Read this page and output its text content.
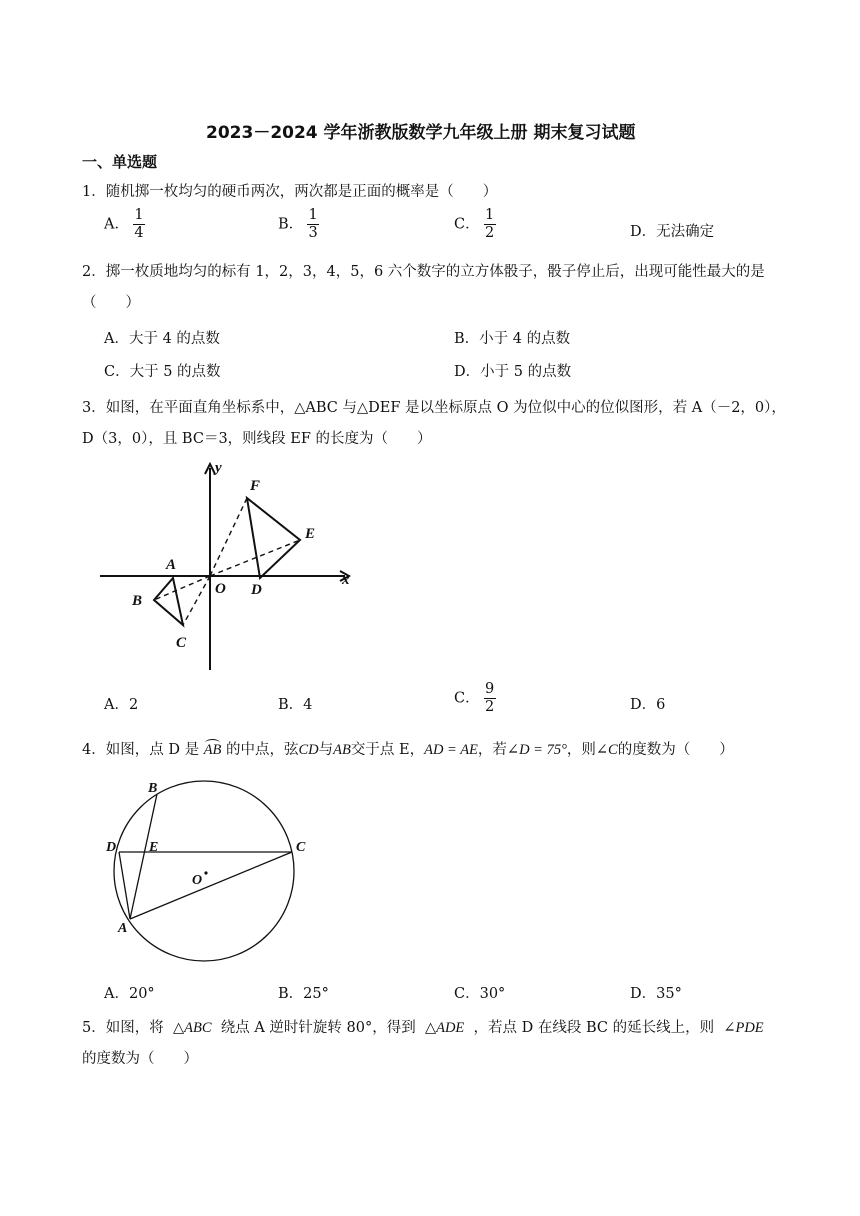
2023－2024 学年浙教版数学九年级上册 期末复习试题
一、单选题
1．随机掷一枚均匀的硬币两次，两次都是正面的概率是（　　）
A． $\frac{1}{4}$	B． $\frac{1}{3}$	C． $\frac{1}{2}$	D．无法确定
2．掷一枚质地均匀的标有 1，2，3，4，5，6 六个数字的立方体骰子，骰子停止后，出现可能性最大的是
（　　）
A．大于 4 的点数	B．小于 4 的点数
C．大于 5 的点数	D．小于 5 的点数
3．如图，在平面直角坐标系中，△ABC 与△DEF 是以坐标原点 O 为位似中心的位似图形，若 A（－2，0），
D（3，0），且 BC＝3，则线段 EF 的长度为（　　）
y
x
F
E
A
O D
B
C
A．2	B．4	C． $\frac{9}{2}$	D．6
4．如图，点 D 是 AB 的中点，弦CD与AB交于点 E，AD = AE，若∠D = 75°，则∠C的度数为（　　）
B
D E	C
O
A
A．20°	B．25°	C．30°	D．35°
5．如图，将 △ABC 绕点 A 逆时针旋转 80°，得到 △ADE ，若点 D 在线段 BC 的延长线上，则 ∠PDE
的度数为（　　）
